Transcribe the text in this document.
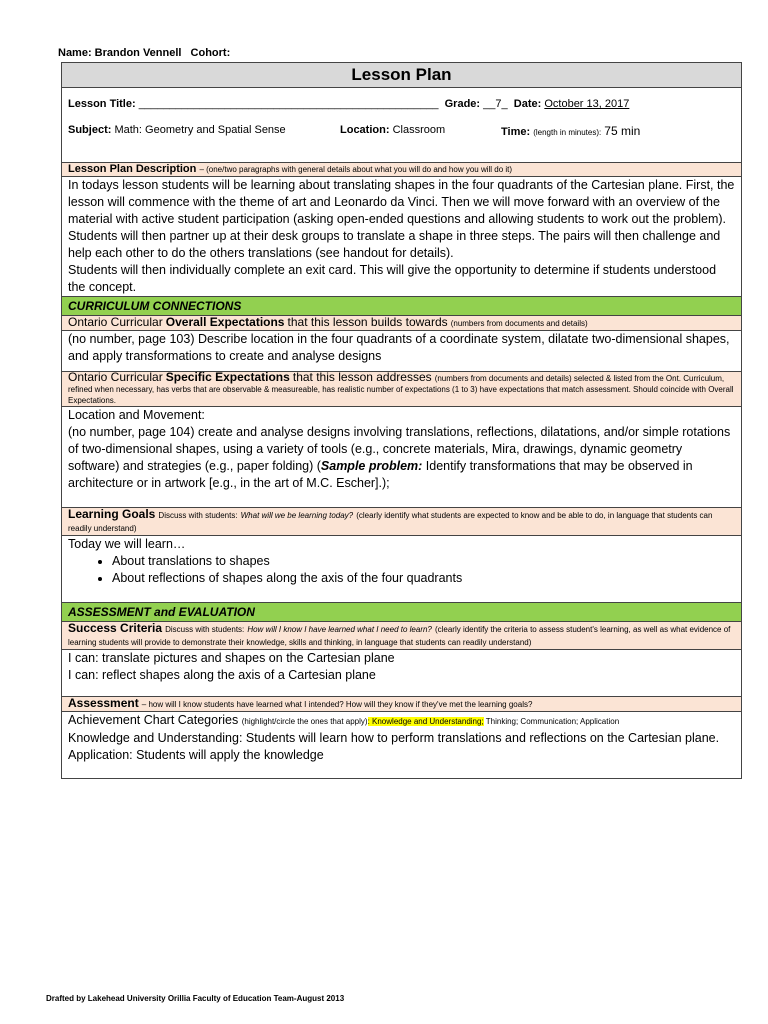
Name: Brandon Vennell Cohort:
Lesson Plan

Lesson Title: _________________________________________________ Grade: __7_ Date: October 13, 2017
Subject: Math: Geometry and Spatial Sense	Location: Classroom	Time: (length in minutes): 75 min

Lesson Plan Description – (one/two paragraphs with general details about what you will do and how you will do it)

In todays lesson students will be learning about translating shapes in the four quadrants of the Cartesian plane. First, the lesson will commence with the theme of art and Leonardo da Vinci. Then we will move forward with an overview of the material with active student participation (asking open-ended questions and allowing students to work out the problem).
Students will then partner up at their desk groups to translate a shape in three steps. The pairs will then challenge and help each other to do the others translations (see handout for details).
Students will then individually complete an exit card. This will give the opportunity to determine if students understood the concept.

CURRICULUM CONNECTIONS
Ontario Curricular Overall Expectations that this lesson builds towards (numbers from documents and details)
(no number, page 103) Describe location in the four quadrants of a coordinate system, dilatate two-dimensional shapes, and apply transformations to create and analyse designs
Ontario Curricular Specific Expectations that this lesson addresses (numbers from documents and details) selected & listed from the Ont. Curriculum, refined when necessary, has verbs that are observable & measureable, has realistic number of expectations (1 to 3) have expectations that match assessment. Should coincide with Overall Expectations.

Location and Movement:
(no number, page 104) create and analyse designs involving translations, reflections, dilatations, and/or simple rotations of two-dimensional shapes, using a variety of tools (e.g., concrete materials, Mira, drawings, dynamic geometry software) and strategies (e.g., paper folding) (Sample problem: Identify transformations that may be observed in architecture or in artwork [e.g., in the art of M.C. Escher].);

Learning Goals Discuss with students: What will we be learning today? (clearly identify what students are expected to know and be able to do, in language that students can readily understand)

Today we will learn…
• About translations to shapes
• About reflections of shapes along the axis of the four quadrants

ASSESSMENT and EVALUATION
Success Criteria Discuss with students: How will I know I have learned what I need to learn? (clearly identify the criteria to assess student's learning, as well as what evidence of learning students will provide to demonstrate their knowledge, skills and thinking, in language that students can readily understand)

I can: translate pictures and shapes on the Cartesian plane
I can: reflect shapes along the axis of a Cartesian plane

Assessment – how will I know students have learned what I intended? How will they know if they've met the learning goals?

Achievement Chart Categories (highlight/circle the ones that apply): Knowledge and Understanding; Thinking; Communication; Application
Knowledge and Understanding: Students will learn how to perform translations and reflections on the Cartesian plane.
Application: Students will apply the knowledge
Drafted by Lakehead University Orillia Faculty of Education Team-August 2013
